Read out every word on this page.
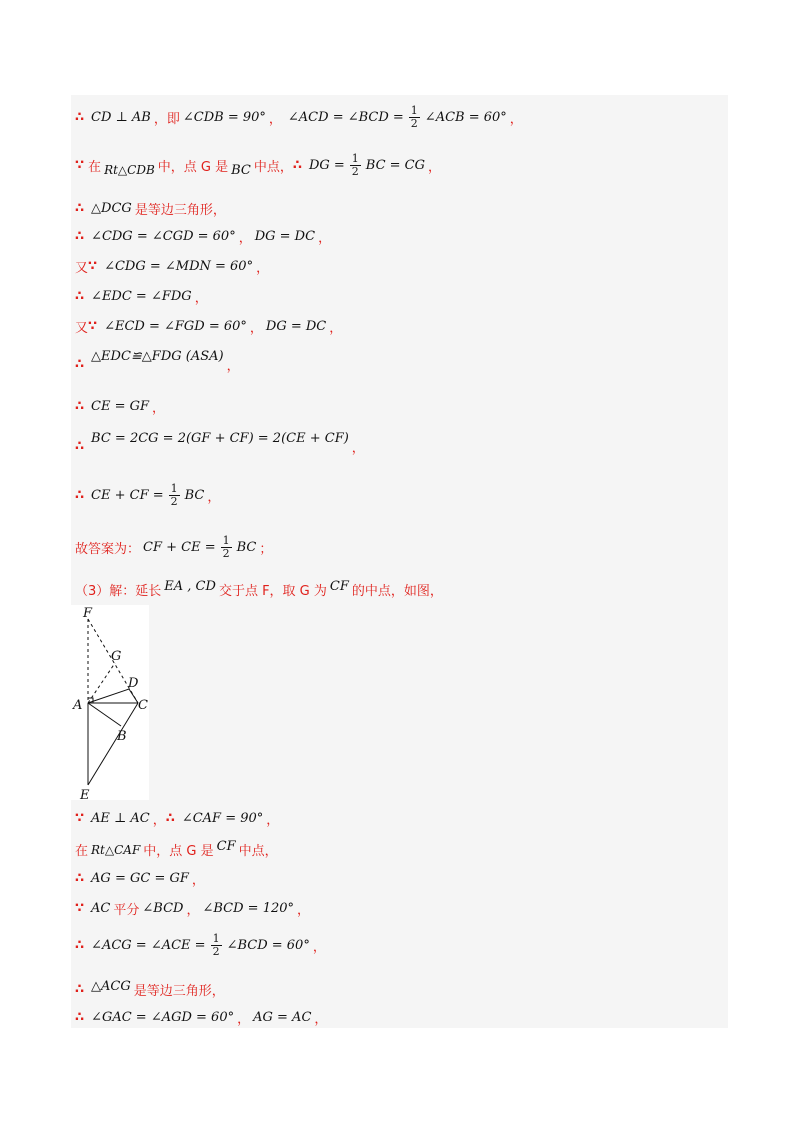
∴ CD ⊥ AB ，即 ∠CDB = 90° ， ∠ACD = ∠BCD = $\frac{1}{2}$ ∠ACB = 60° ，
∵ 在 Rt△CDB 中，点 G 是 BC 中点， ∴ DG = $\frac{1}{2}$ BC = CG ，
∴ △DCG 是等边三角形，
∴ ∠CDG = ∠CGD = 60° ， DG = DC ，
又 ∵ ∠CDG = ∠MDN = 60° ，
∴ ∠EDC = ∠FDG ，
又 ∵ ∠ECD = ∠FGD = 60° ， DG = DC ，
∴
△EDC≌△FDG (ASA)
，
∴ CE = GF ，
∴
BC = 2CG = 2(GF + CF) = 2(CE + CF)
，
∴ CE + CF = $\frac{1}{2}$ BC ，
故答案为： CF + CE = $\frac{1}{2}$ BC ；
（3）解：延长 EA , CD 交于点 F，取 G 为 CF 的中点，如图，
F
G
D
A	C
B
E
∵ AE ⊥ AC ， ∴ ∠CAF = 90° ，
在 Rt△CAF 中，点 G 是 CF 中点，
∴ AG = GC = GF ，
∵ AC 平分 ∠BCD ， ∠BCD = 120° ，
∴ ∠ACG = ∠ACE = $\frac{1}{2}$ ∠BCD = 60° ，
∴ △ACG 是等边三角形，
∴ ∠GAC = ∠AGD = 60° ， AG = AC ，
